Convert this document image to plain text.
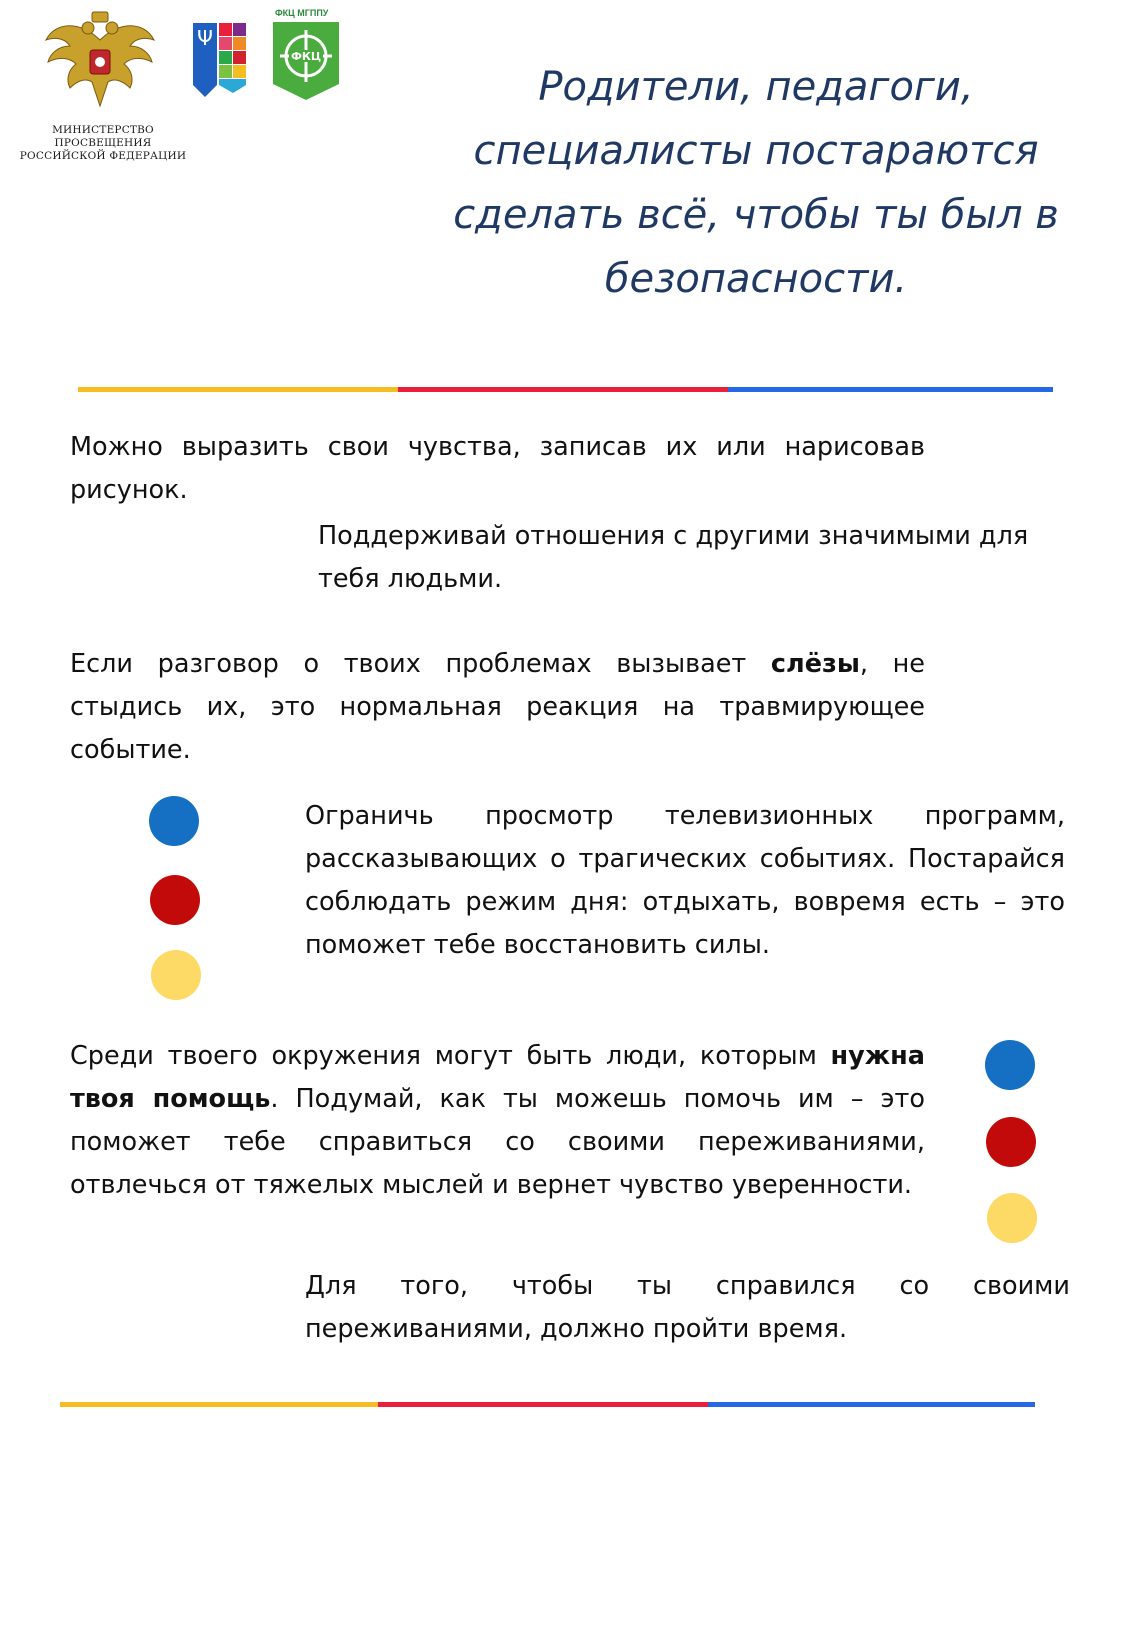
МИНИСТЕРСТВО ПРОСВЕЩЕНИЯ
РОССИЙСКОЙ ФЕДЕРАЦИИ
Ψ
ФКЦ МГППУ
ФКЦ
Родители, педагоги, специалисты постараются сделать всё, чтобы ты был в безопасности.
Можно выразить свои чувства, записав их или нарисовав рисунок.
Поддерживай отношения с другими значимыми для тебя людьми.
Если разговор о твоих проблемах вызывает слёзы, не стыдись их, это нормальная реакция на травмирующее событие.
Ограничь просмотр телевизионных программ, рассказывающих о трагических событиях. Постарайся соблюдать режим дня: отдыхать, вовремя есть – это поможет тебе восстановить силы.
Среди твоего окружения могут быть люди, которым нужна твоя помощь. Подумай, как ты можешь помочь им – это поможет тебе справиться со своими переживаниями, отвлечься от тяжелых мыслей и вернет чувство уверенности.
Для того, чтобы ты справился со своими переживаниями, должно пройти время.
